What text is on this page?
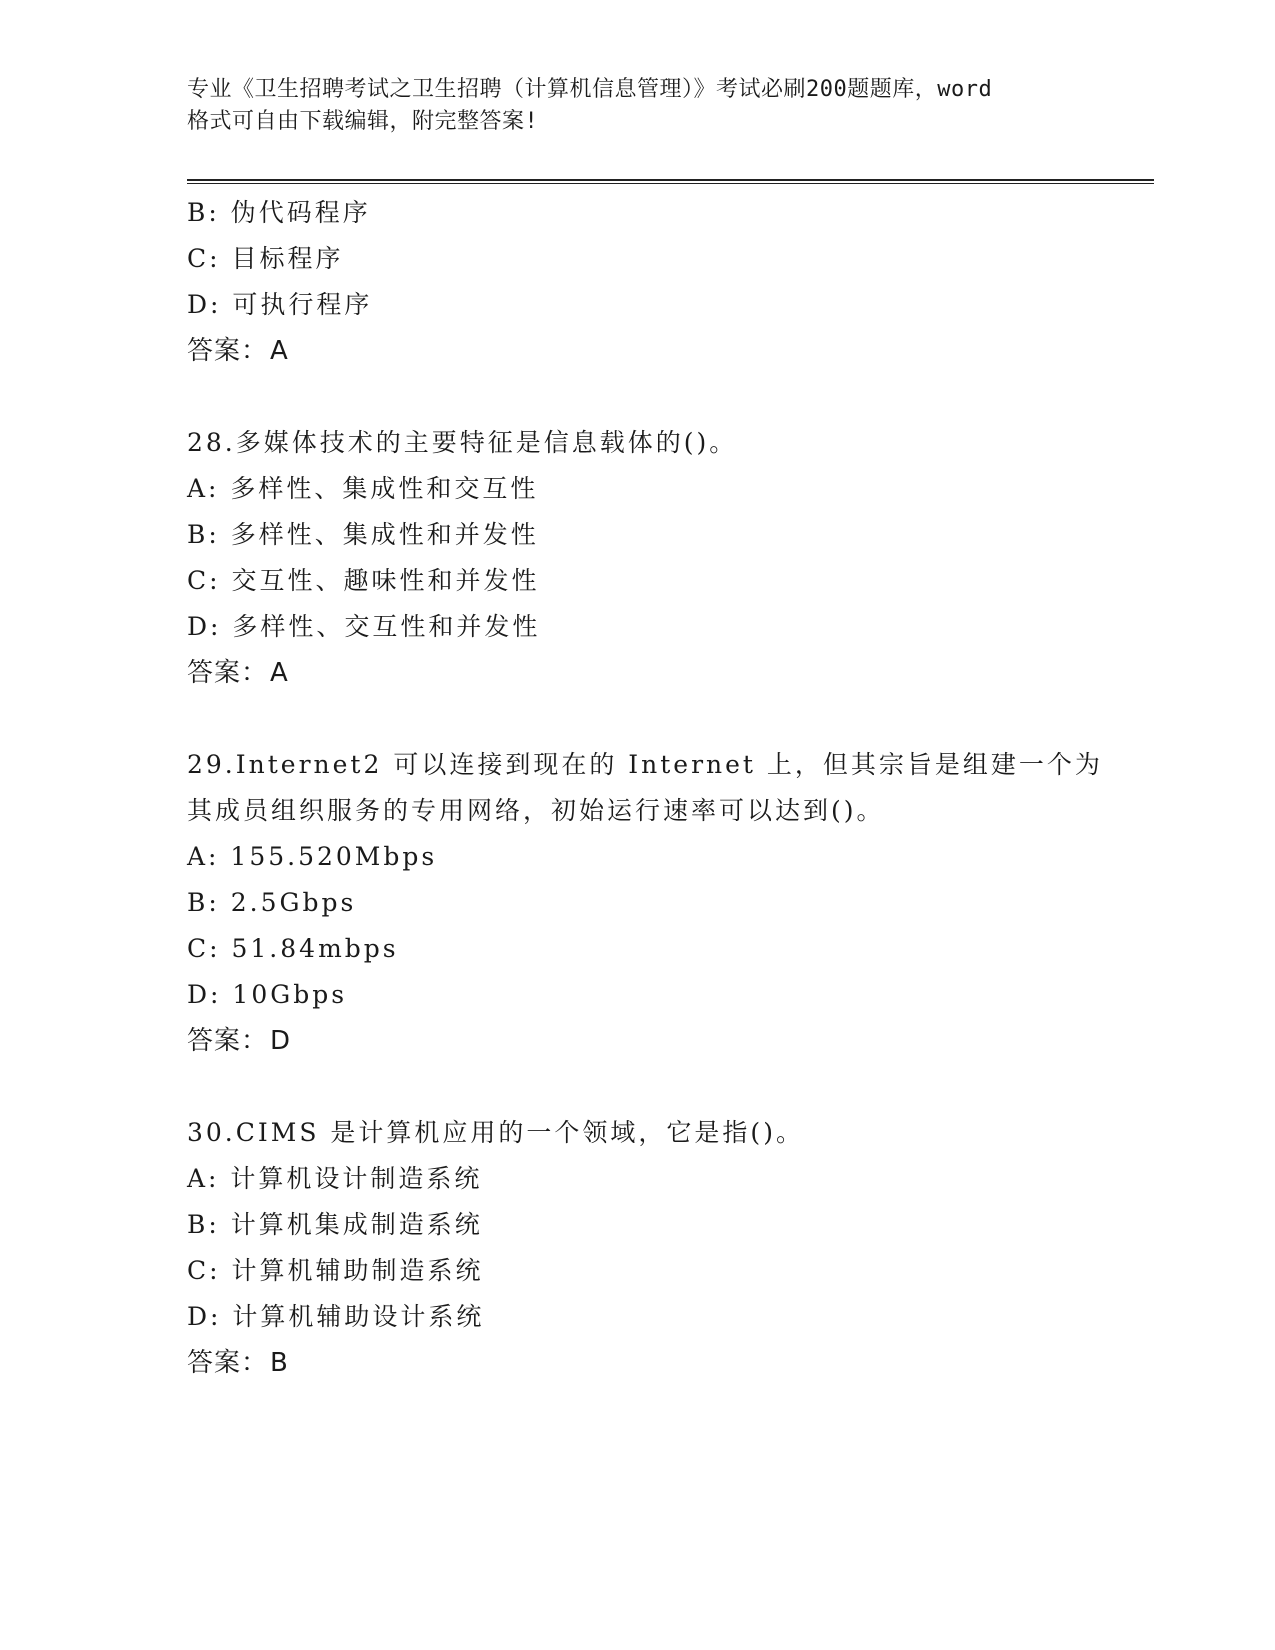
专业《卫生招聘考试之卫生招聘（计算机信息管理）》考试必刷200题题库，word
格式可自由下载编辑，附完整答案!
B: 伪代码程序
C: 目标程序
D: 可执行程序
答案：A
28.多媒体技术的主要特征是信息载体的()。
A: 多样性、集成性和交互性
B: 多样性、集成性和并发性
C: 交互性、趣味性和并发性
D: 多样性、交互性和并发性
答案：A
29.Internet2 可以连接到现在的 Internet 上，但其宗旨是组建一个为
其成员组织服务的专用网络，初始运行速率可以达到()。
A: 155.520Mbps
B: 2.5Gbps
C: 51.84mbps
D: 10Gbps
答案：D
30.CIMS 是计算机应用的一个领域，它是指()。
A: 计算机设计制造系统
B: 计算机集成制造系统
C: 计算机辅助制造系统
D: 计算机辅助设计系统
答案：B
